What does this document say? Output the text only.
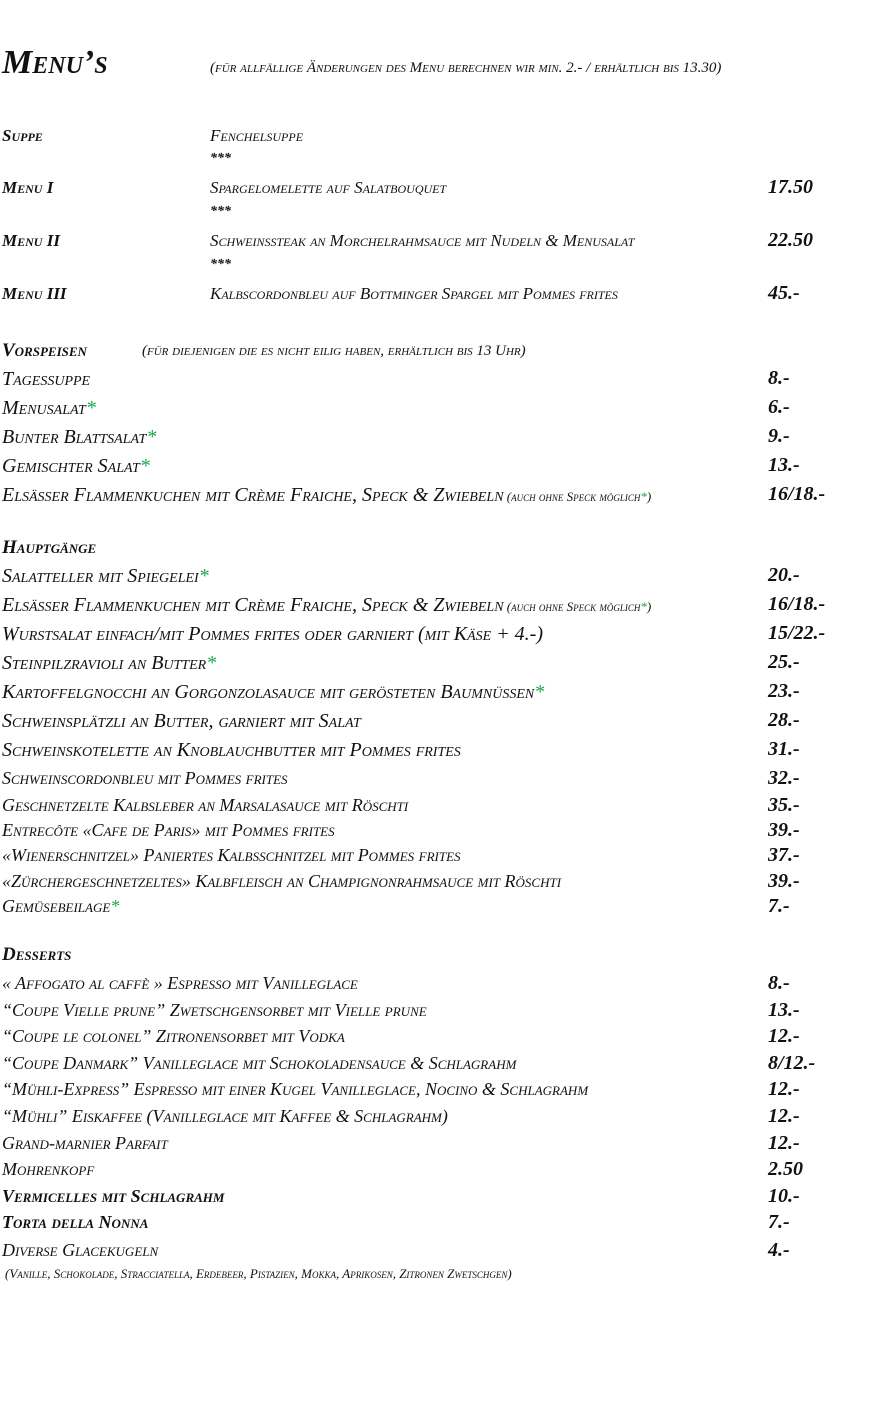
Menu’s	(für allfällige Änderungen des Menu berechnen wir min. 2.- / erhältlich bis 13.30)
Suppe	Fenchelsuppe
***
Menu I	Spargelomelette auf Salatbouquet	17.50
***
Menu II	Schweinssteak an Morchelrahmsauce mit Nudeln & Menusalat	22.50
***
Menu III	Kalbscordonbleu auf Bottminger Spargel mit Pommes frites	45.-
Vorspeisen	(für diejenigen die es nicht eilig haben, erhältlich bis 13 Uhr)
Tagessuppe	8.-
Menusalat*	6.-
Bunter Blattsalat*	9.-
Gemischter Salat*	13.-
Elsässer Flammenkuchen mit Crème Fraiche, Speck & Zwiebeln (auch ohne Speck möglich*)	16/18.-
Hauptgänge
Salatteller mit Spiegelei*	20.-
Elsässer Flammenkuchen mit Crème Fraiche, Speck & Zwiebeln (auch ohne Speck möglich*)	16/18.-
Wurstsalat einfach/mit Pommes frites oder garniert (mit Käse + 4.-)	15/22.-
Steinpilzravioli an Butter*	25.-
Kartoffelgnocchi an Gorgonzolasauce mit gerösteten Baumnüssen*	23.-
Schweinsplätzli an Butter, garniert mit Salat	28.-
Schweinskotelette an Knoblauchbutter mit Pommes frites	31.-
Schweinscordonbleu mit Pommes frites	32.-
Geschnetzelte Kalbsleber an Marsalasauce mit Röschti	35.-
Entrecôte «Cafe de Paris» mit Pommes frites	39.-
«Wienerschnitzel» Paniertes Kalbsschnitzel mit Pommes frites	37.-
«Zürchergeschnetzeltes» Kalbfleisch an Champignonrahmsauce mit Röschti	39.-
Gemüsebeilage*	7.-
Desserts
« Affogato al caffè » Espresso mit Vanilleglace	8.-
“Coupe Vielle prune” Zwetschgensorbet mit Vielle prune	13.-
“Coupe le colonel” Zitronensorbet mit Vodka	12.-
“Coupe Danmark” Vanilleglace mit Schokoladensauce & Schlagrahm	8/12.-
“Mühli-Express” Espresso mit einer Kugel Vanilleglace, Nocino & Schlagrahm	12.-
“Mühli” Eiskaffee (Vanilleglace mit Kaffee & Schlagrahm)	12.-
Grand-marnier Parfait	12.-
Mohrenkopf	2.50
Vermicelles mit Schlagrahm	10.-
Torta della Nonna	7.-
Diverse Glacekugeln	4.-
(Vanille, Schokolade, Stracciatella, Erdebeer, Pistazien, Mokka, Aprikosen, Zitronen Zwetschgen)
